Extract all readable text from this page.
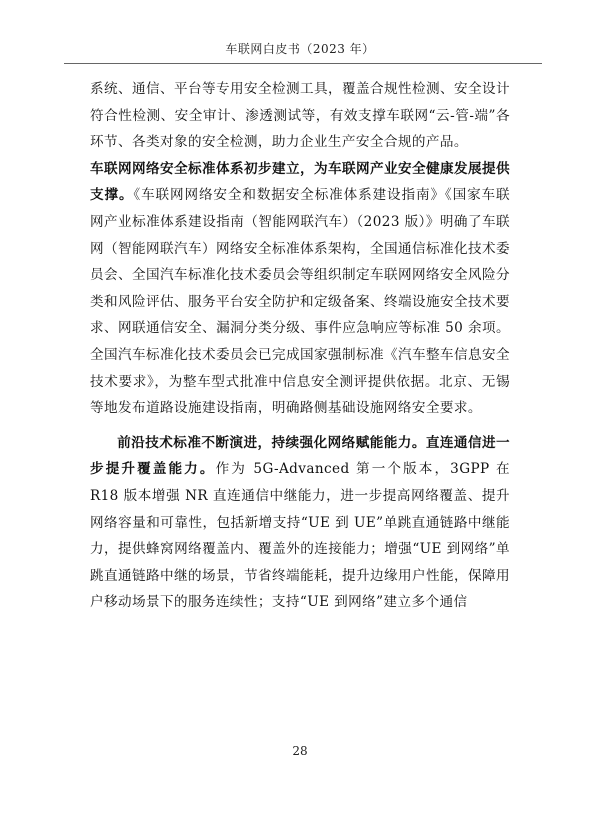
车联网白皮书（2023 年）

系统、通信、平台等专用安全检测工具，覆盖合规性检测、安全设计符合性检测、安全审计、渗透测试等，有效支撑车联网“云-管-端”各环节、各类对象的安全检测，助力企业生产安全合规的产品。

车联网网络安全标准体系初步建立，为车联网产业安全健康发展提供支撑。《车联网网络安全和数据安全标准体系建设指南》《国家车联网产业标准体系建设指南（智能网联汽车）（2023 版）》明确了车联网（智能网联汽车）网络安全标准体系架构，全国通信标准化技术委员会、全国汽车标准化技术委员会等组织制定车联网网络安全风险分类和风险评估、服务平台安全防护和定级备案、终端设施安全技术要求、网联通信安全、漏洞分类分级、事件应急响应等标准 50 余项。全国汽车标准化技术委员会已完成国家强制标准《汽车整车信息安全技术要求》，为整车型式批准中信息安全测评提供依据。北京、无锡等地发布道路设施建设指南，明确路侧基础设施网络安全要求。

前沿技术标准不断演进，持续强化网络赋能能力。直连通信进一步提升覆盖能力。作为 5G-Advanced 第一个版本，3GPP 在 R18 版本增强 NR 直连通信中继能力，进一步提高网络覆盖、提升网络容量和可靠性，包括新增支持“UE 到 UE”单跳直通链路中继能力，提供蜂窝网络覆盖内、覆盖外的连接能力；增强“UE 到网络”单跳直通链路中继的场景，节省终端能耗，提升边缘用户性能，保障用户移动场景下的服务连续性；支持“UE 到网络”建立多个通信

28
